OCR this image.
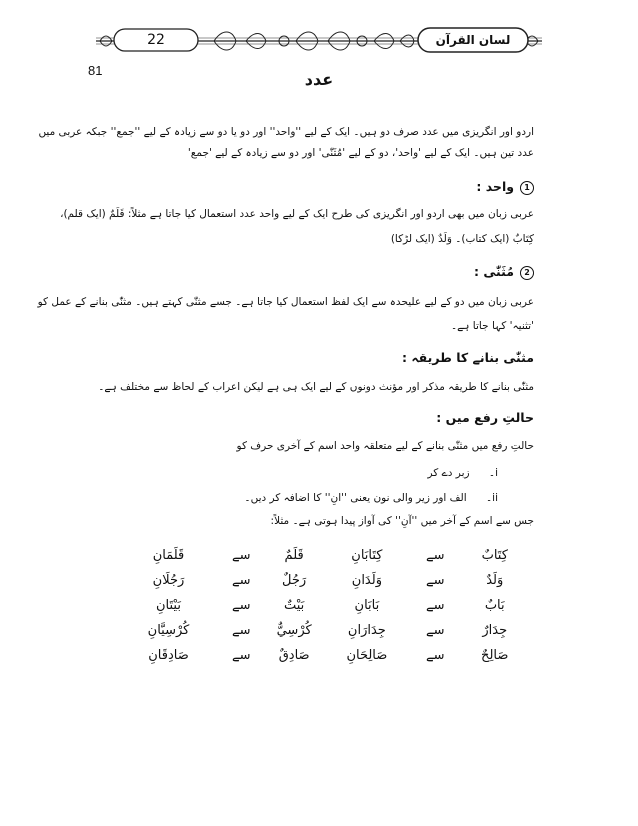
22	لسان القرآن
81	عدد
اردو اور انگریزی میں عدد صرف دو ہیں۔ ایک کے لیے ''واحد'' اور دو یا دو سے زیادہ کے لیے ''جمع'' جبکہ عربی میں
عدد تین ہیں۔ ایک کے لیے 'واحد'، دو کے لیے 'مُثَنّٰی' اور دو سے زیادہ کے لیے 'جمع'
1واحد :
عربی زبان میں بھی اردو اور انگریزی کی طرح ایک کے لیے واحد عدد استعمال کیا جاتا ہے مثلاً: قَلَمٌ (ایک قلم)،
کِتَابٌ (ایک کتاب)۔ وَلَدٌ (ایک لڑکا)
2مُثَنّٰی :
عربی زبان میں دو کے لیے علیحدہ سے ایک لفظ استعمال کیا جاتا ہے۔ جسے مثنّٰی کہتے ہیں۔ مثنّٰی بنانے کے عمل کو
'تثنیہ' کہا جاتا ہے۔
مثنّٰی بنانے کا طریقہ :
مثنّٰی بنانے کا طریقہ مذکر اور مؤنث دونوں کے لیے ایک ہی ہے لیکن اعراب کے لحاظ سے مختلف ہے۔
حالتِ رفع میں :
حالتِ رفع میں مثنّٰی بنانے کے لیے متعلقہ واحد اسم کے آخری حرف کو
i۔ زبر دے کر
ii۔ الف اور زیر والی نون یعنی ''انِ'' کا اضافہ کر دیں۔
جس سے اسم کے آخر میں ''آنِ'' کی آواز پیدا ہوتی ہے۔ مثلاً:
کِتَابٌ
سے
کِتَابَانِ
قَلَمٌ
سے
قَلَمَانِ
وَلَدٌ
سے
وَلَدَانِ
رَجُلٌ
سے
رَجُلَانِ
بَابٌ
سے
بَابَانِ
بَيْتٌ
سے
بَيْتَانِ
جِدَارٌ
سے
جِدَارَانِ
كُرْسِيٌّ
سے
كُرْسِيَّانِ
صَالِحٌ
سے
صَالِحَانِ
صَادِقٌ
سے
صَادِقَانِ
